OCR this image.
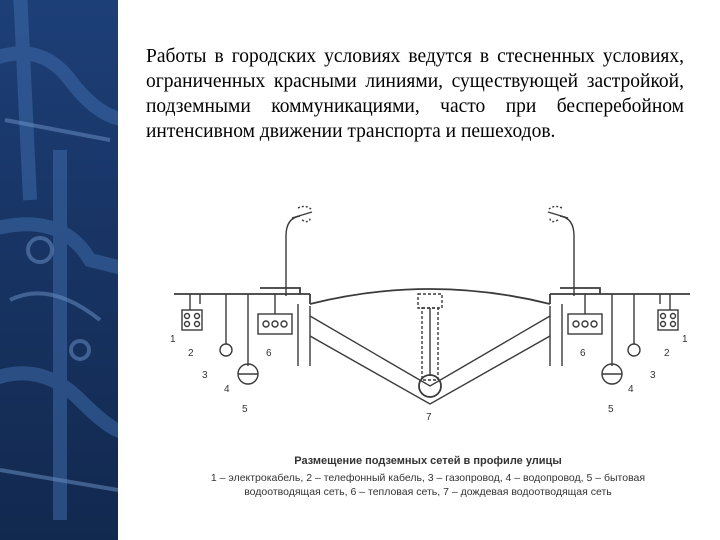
Работы в городских условиях ведутся в стесненных условиях, ограниченных красными линиями, существующей застройкой, подземными коммуникациями, часто при бесперебойном интенсивном движении транспорта и пешеходов.

1
2
3
4
5
6
7
1
2
3
4
5
6

Размещение подземных сетей в профиле улицы

1 – электрокабель, 2 – телефонный кабель, 3 – газопровод, 4 – водопровод, 5 – бытовая

водоотводящая сеть, 6 – тепловая сеть, 7 – дождевая водоотводящая сеть
